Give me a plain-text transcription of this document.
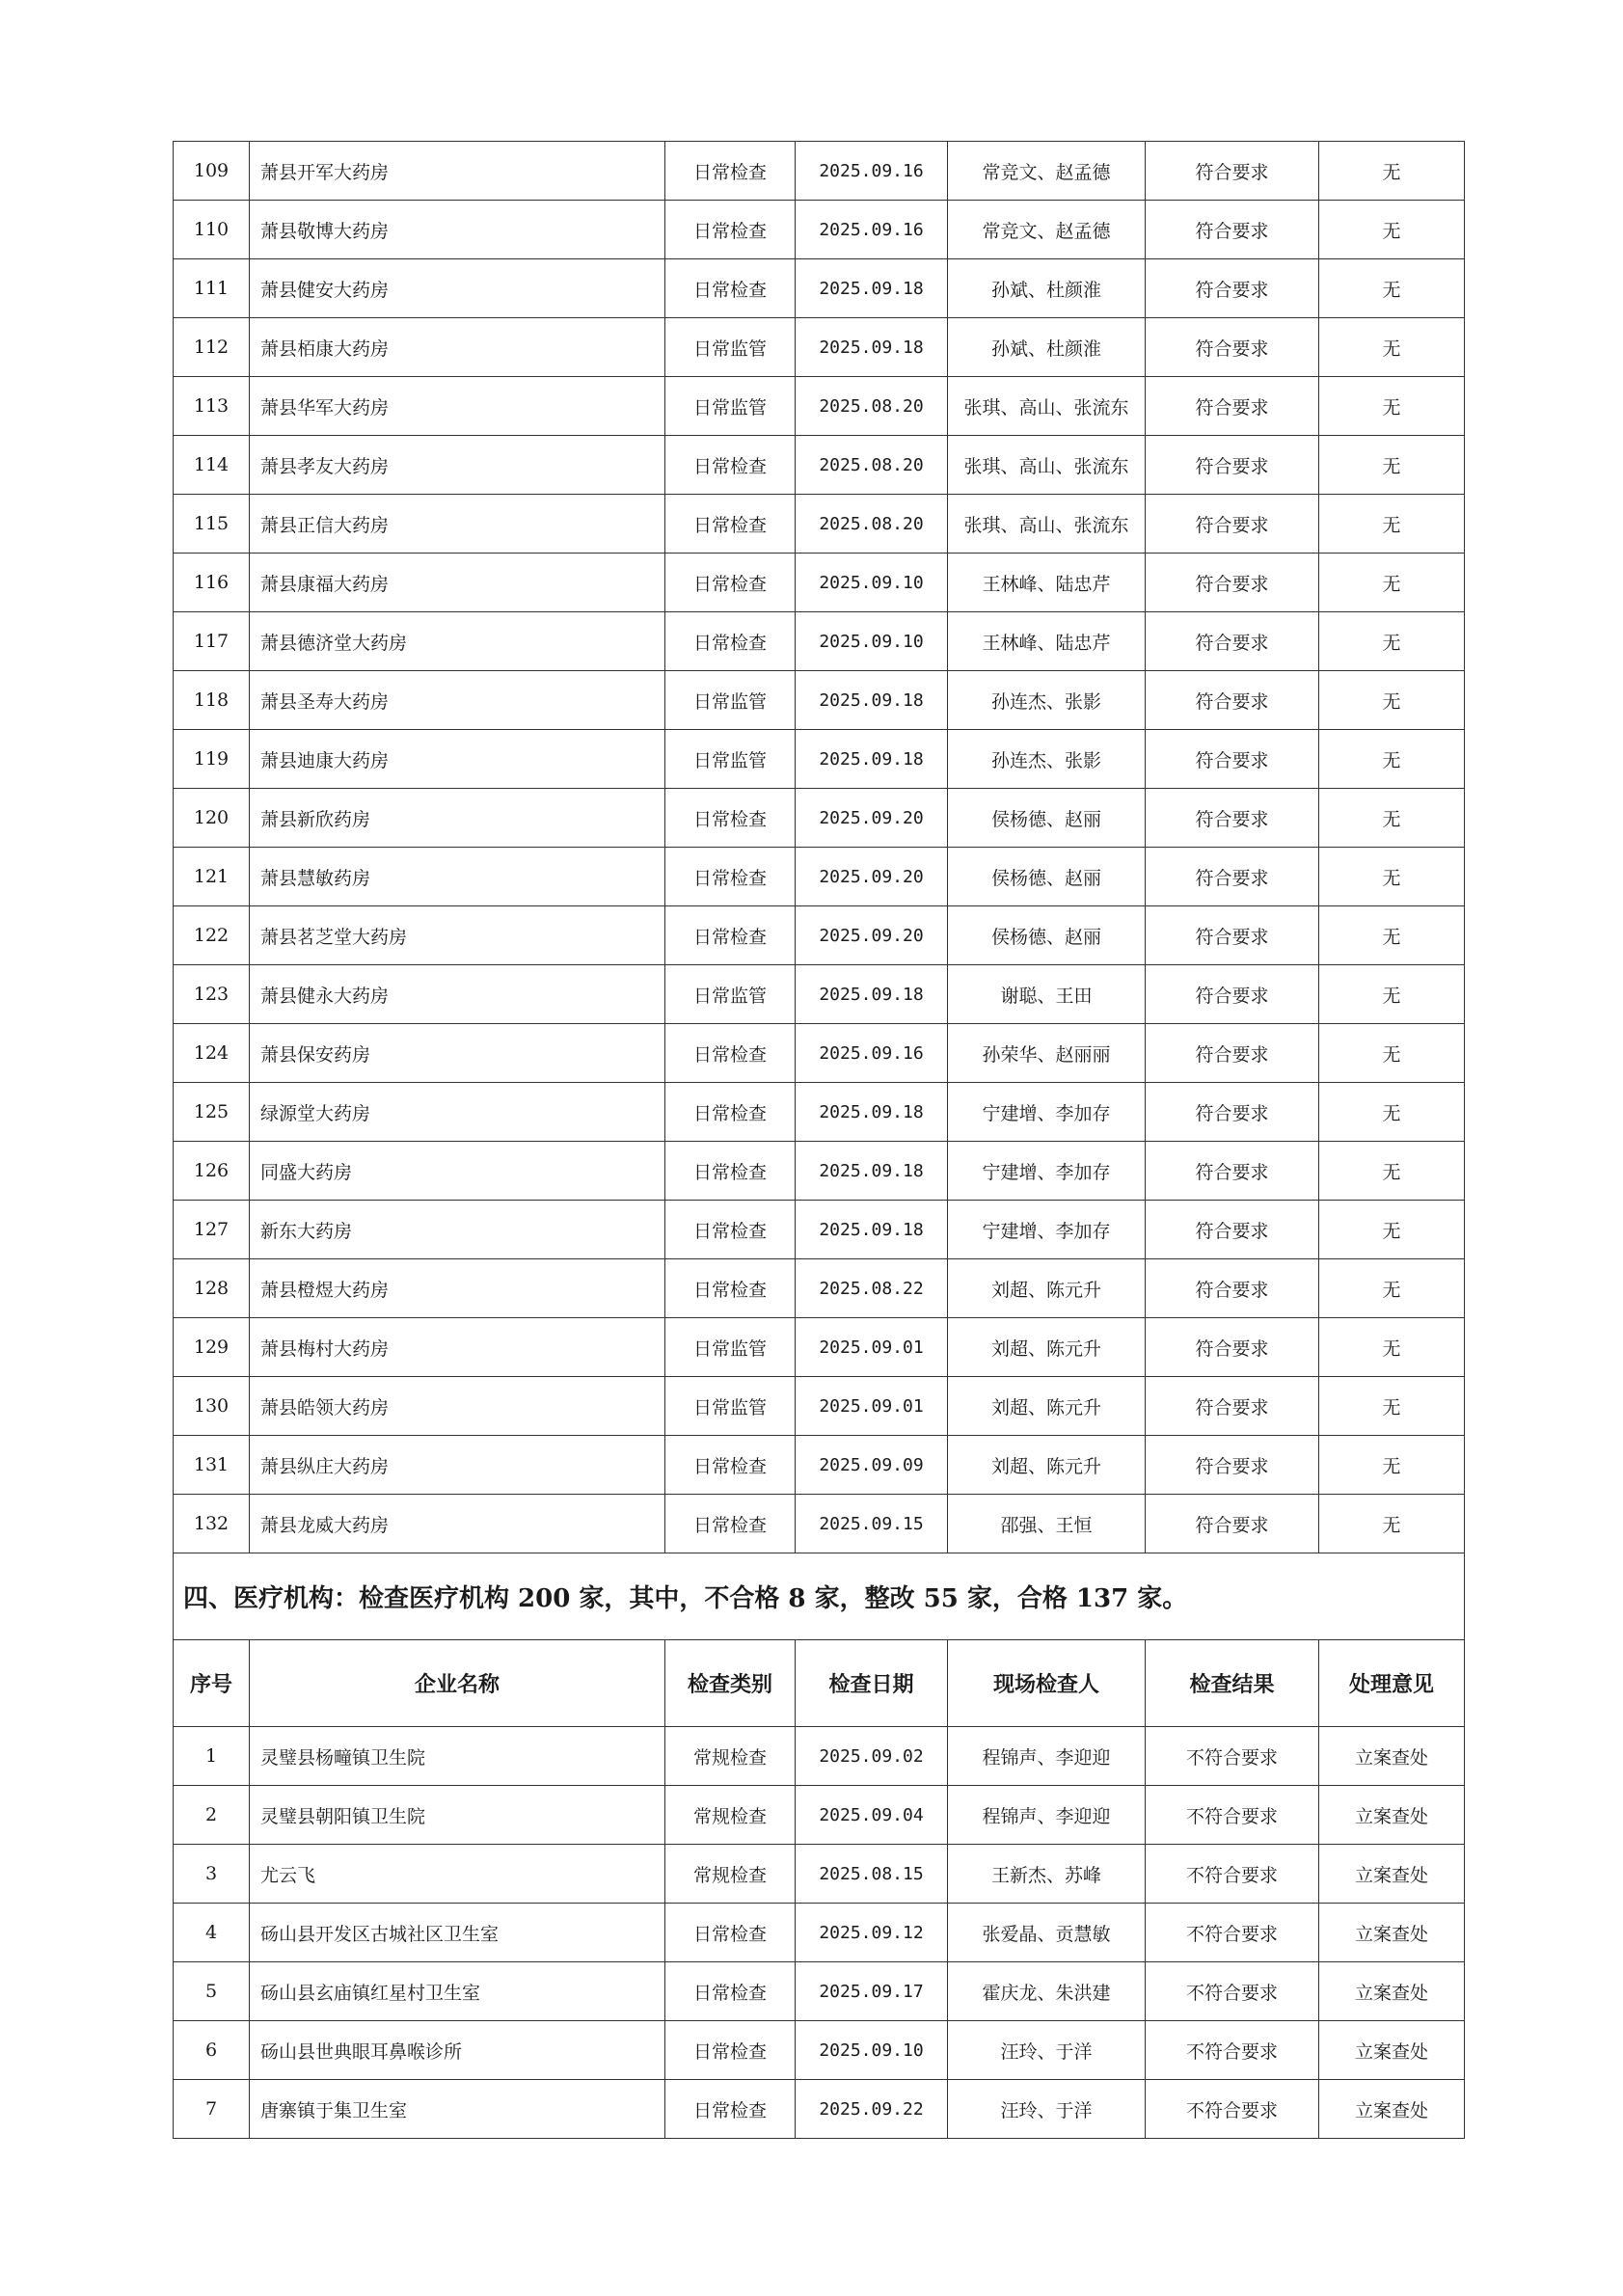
109	萧县开军大药房	日常检查	2025.09.16	常竞文、赵孟德	符合要求	无
110	萧县敬博大药房	日常检查	2025.09.16	常竞文、赵孟德	符合要求	无
111	萧县健安大药房	日常检查	2025.09.18	孙斌、杜颜淮	符合要求	无
112	萧县栢康大药房	日常监管	2025.09.18	孙斌、杜颜淮	符合要求	无
113	萧县华军大药房	日常监管	2025.08.20	张琪、高山、张流东	符合要求	无
114	萧县孝友大药房	日常检查	2025.08.20	张琪、高山、张流东	符合要求	无
115	萧县正信大药房	日常检查	2025.08.20	张琪、高山、张流东	符合要求	无
116	萧县康福大药房	日常检查	2025.09.10	王林峰、陆忠芹	符合要求	无
117	萧县德济堂大药房	日常检查	2025.09.10	王林峰、陆忠芹	符合要求	无
118	萧县圣寿大药房	日常监管	2025.09.18	孙连杰、张影	符合要求	无
119	萧县迪康大药房	日常监管	2025.09.18	孙连杰、张影	符合要求	无
120	萧县新欣药房	日常检查	2025.09.20	侯杨德、赵丽	符合要求	无
121	萧县慧敏药房	日常检查	2025.09.20	侯杨德、赵丽	符合要求	无
122	萧县茗芝堂大药房	日常检查	2025.09.20	侯杨德、赵丽	符合要求	无
123	萧县健永大药房	日常监管	2025.09.18	谢聪、王田	符合要求	无
124	萧县保安药房	日常检查	2025.09.16	孙荣华、赵丽丽	符合要求	无
125	绿源堂大药房	日常检查	2025.09.18	宁建增、李加存	符合要求	无
126	同盛大药房	日常检查	2025.09.18	宁建增、李加存	符合要求	无
127	新东大药房	日常检查	2025.09.18	宁建增、李加存	符合要求	无
128	萧县橙煜大药房	日常检查	2025.08.22	刘超、陈元升	符合要求	无
129	萧县梅村大药房	日常监管	2025.09.01	刘超、陈元升	符合要求	无
130	萧县皓领大药房	日常监管	2025.09.01	刘超、陈元升	符合要求	无
131	萧县纵庄大药房	日常检查	2025.09.09	刘超、陈元升	符合要求	无
132	萧县龙威大药房	日常检查	2025.09.15	邵强、王恒	符合要求	无
四、医疗机构：检查医疗机构 200 家，其中，不合格 8 家，整改 55 家，合格 137 家。						
序号	企业名称	检查类别	检查日期	现场检查人	检查结果	处理意见
1	灵璧县杨疃镇卫生院	常规检查	2025.09.02	程锦声、李迎迎	不符合要求	立案查处
2	灵璧县朝阳镇卫生院	常规检查	2025.09.04	程锦声、李迎迎	不符合要求	立案查处
3	尤云飞	常规检查	2025.08.15	王新杰、苏峰	不符合要求	立案查处
4	砀山县开发区古城社区卫生室	日常检查	2025.09.12	张爱晶、贡慧敏	不符合要求	立案查处
5	砀山县玄庙镇红星村卫生室	日常检查	2025.09.17	霍庆龙、朱洪建	不符合要求	立案查处
6	砀山县世典眼耳鼻喉诊所	日常检查	2025.09.10	汪玲、于洋	不符合要求	立案查处
7	唐寨镇于集卫生室	日常检查	2025.09.22	汪玲、于洋	不符合要求	立案查处
